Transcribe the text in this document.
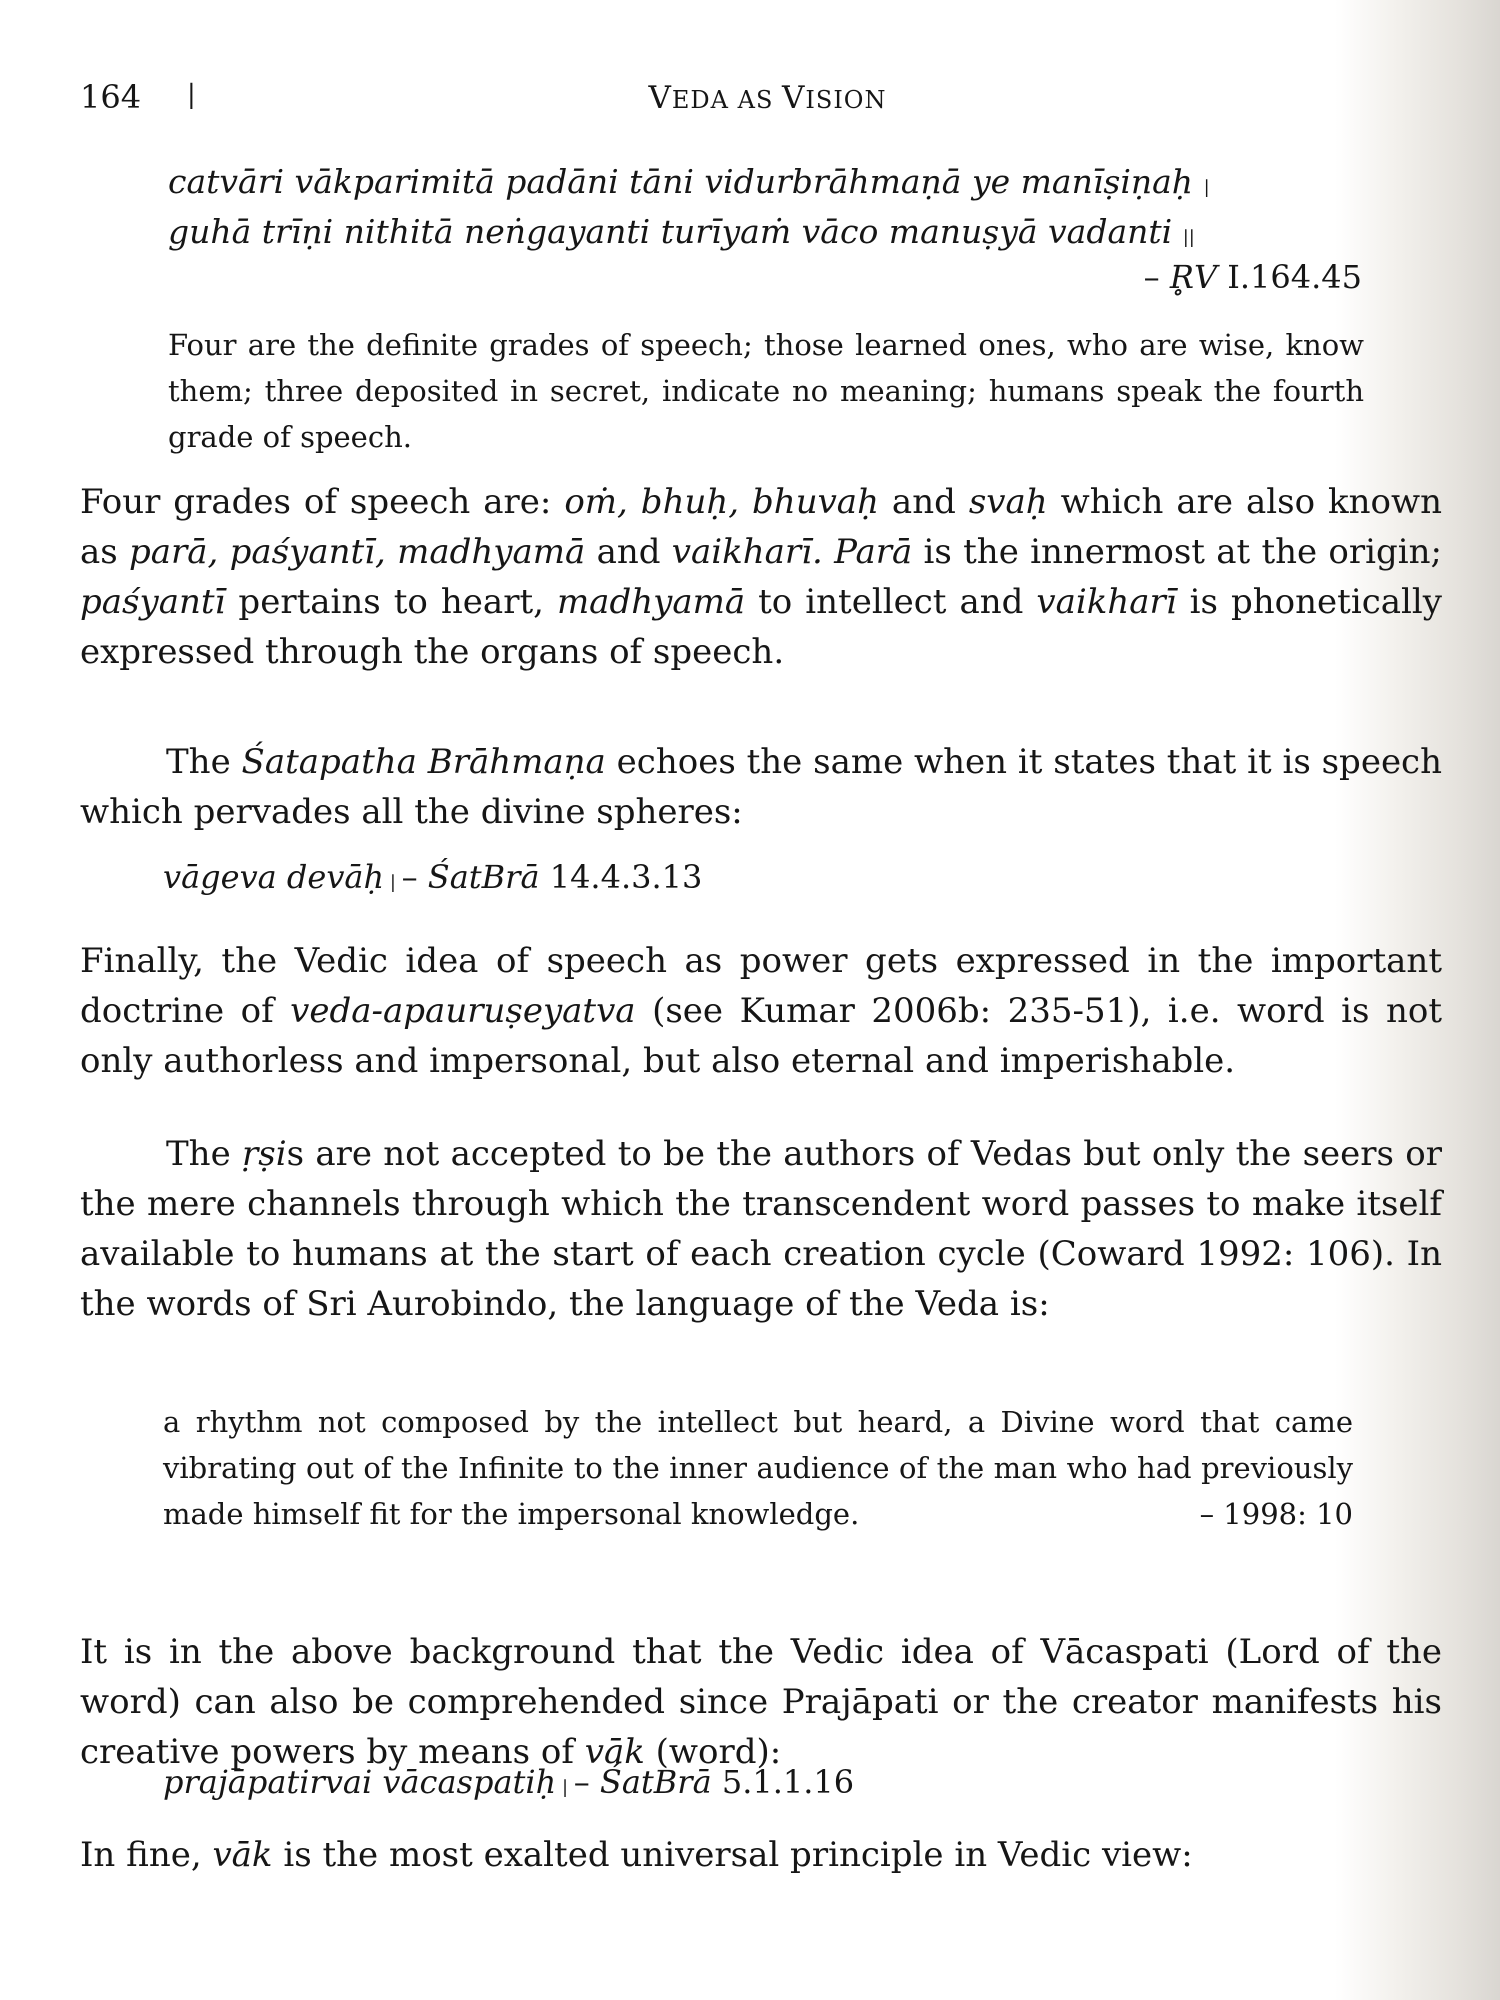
164 |	VEDA AS VISION
catvāri vākparimitā padāni tāni vidurbrāhmaṇā ye manīṣiṇaḥ |
guhā trīṇi nithitā neṅgayanti turīyaṁ vāco manuṣyā vadanti ||
– R̥V I.164.45
Four are the definite grades of speech; those learned ones, who are wise, know them; three deposited in secret, indicate no meaning; humans speak the fourth grade of speech.

Four grades of speech are: oṁ, bhuḥ, bhuvaḥ and svaḥ which are also known as parā, paśyantī, madhyamā and vaikharī. Parā is the innermost at the origin; paśyantī pertains to heart, madhyamā to intellect and vaikharī is phonetically expressed through the organs of speech.

The Śatapatha Brāhmaṇa echoes the same when it states that it is speech which pervades all the divine spheres:

vāgeva devāḥ | – ŚatBrā 14.4.3.13

Finally, the Vedic idea of speech as power gets expressed in the important doctrine of veda-apauruṣeyatva (see Kumar 2006b: 235-51), i.e. word is not only authorless and impersonal, but also eternal and imperishable.

The ṛṣis are not accepted to be the authors of Vedas but only the seers or the mere channels through which the transcendent word passes to make itself available to humans at the start of each creation cycle (Coward 1992: 106). In the words of Sri Aurobindo, the language of the Veda is:

a rhythm not composed by the intellect but heard, a Divine word that came vibrating out of the Infinite to the inner audience of the man who had previously made himself fit for the impersonal knowledge.	– 1998: 10

It is in the above background that the Vedic idea of Vācaspati (Lord of the word) can also be comprehended since Prajāpati or the creator manifests his creative powers by means of vāk (word):

prajāpatirvai vācaspatiḥ | – ŚatBrā 5.1.1.16

In fine, vāk is the most exalted universal principle in Vedic view:
